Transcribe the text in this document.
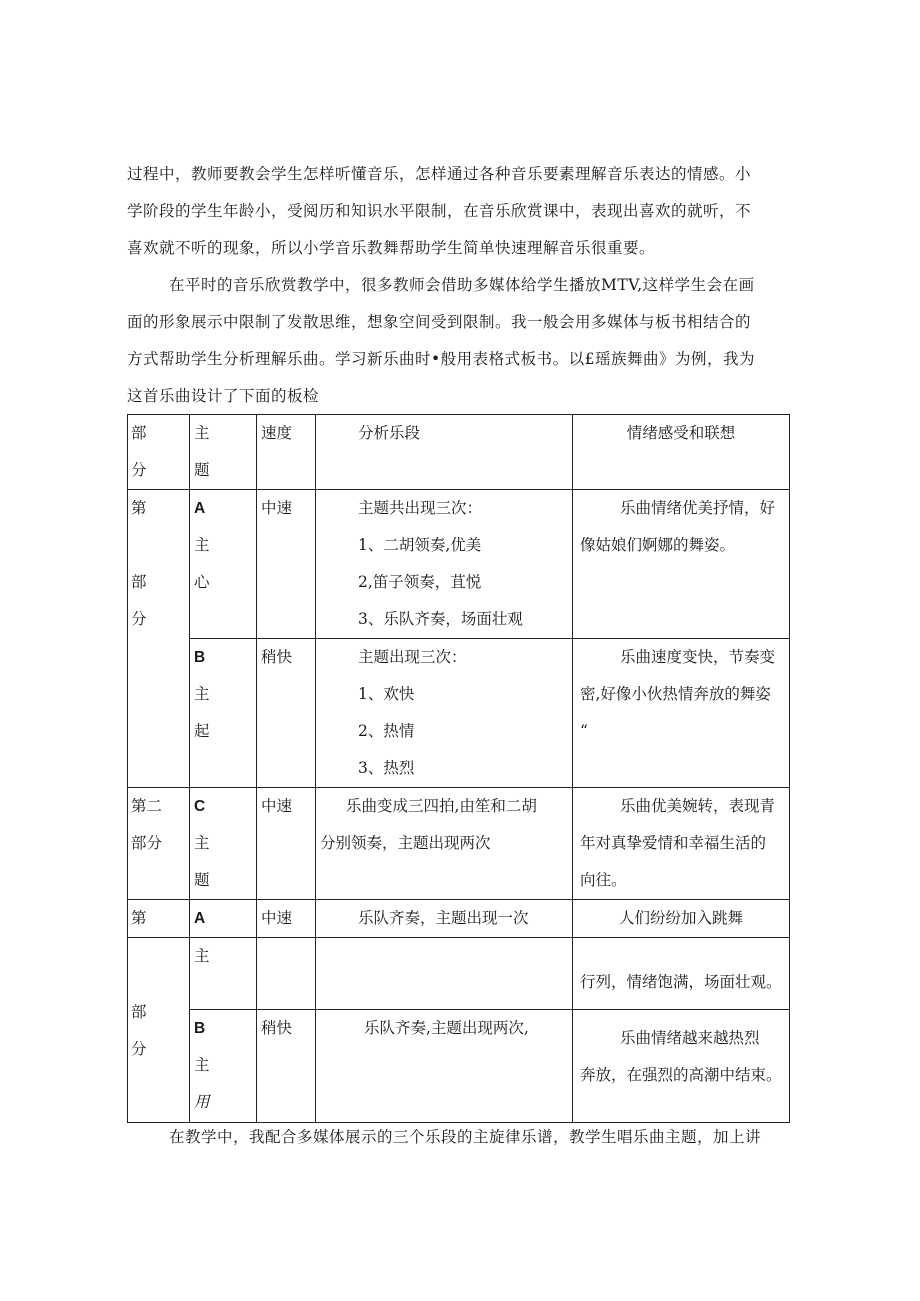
过程中，教师要教会学生怎样听懂音乐，怎样通过各种音乐要素理解音乐表达的情感。小
学阶段的学生年龄小，受阅历和知识水平限制，在音乐欣赏课中，表现出喜欢的就听，不
喜欢就不听的现象，所以小学音乐教舞帮助学生简单快速理解音乐很重要。
在平时的音乐欣赏教学中，很多教师会借助多媒体给学生播放MTV,这样学生会在画
面的形象展示中限制了发散思维，想象空间受到限制。我一般会用多媒体与板书相结合的
方式帮助学生分析理解乐曲。学习新乐曲时•般用表格式板书。以£瑶族舞曲》为例，我为
这首乐曲设计了下面的板检
部
分	主
题	速度	分析乐段	情绪感受和联想

第

部
分	A
主
心	中速	主题共出现三次：
1、二胡领奏,优美
2,笛子领奏，苴悦
3、乐队齐奏，场面壮观	乐曲情绪优美抒情，好
像姑娘们婀娜的舞姿。

	B
主
起	稍快	主题出现三次：
1、欢快
2、热情
3、热烈	乐曲速度变快，节奏变
密,好像小伙热情奔放的舞姿
“

第二
部分	C
主
题	中速	乐曲变成三四拍,由笙和二胡
分别领奏，主题出现两次	乐曲优美婉转，表现青
年对真挚爱情和幸福生活的
向往。

第	A	中速	乐队齐奏，主题出现一次	人们纷纷加入跳舞

部
分	主			行列，情绪饱满，场面壮观。

	B
主
用	稍快	乐队齐奏,主题出现两次,	乐曲情绪越来越热烈
奔放，在强烈的高潮中结束。
在教学中，我配合多媒体展示的三个乐段的主旋律乐谱，教学生唱乐曲主题，加上讲
